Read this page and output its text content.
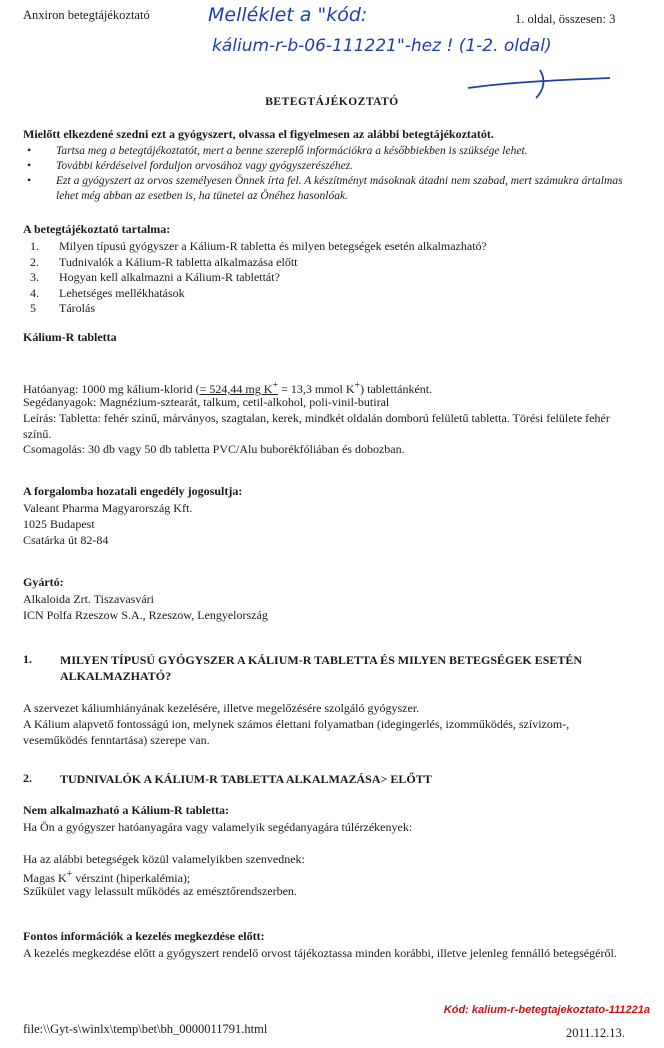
Anxiron betegtájékoztató	1. oldal, összesen: 3
Melléklet a "kód:
kálium-r-b-06-111221"-hez ! (1-2. oldal)
BETEGTÁJÉKOZTATÓ
Mielőtt elkezdené szedni ezt a gyógyszert, olvassa el figyelmesen az alábbi betegtájékoztatót.
• Tartsa meg a betegtájékoztatót, mert a benne szereplő információkra a későbbiekben is szüksége lehet.
• További kérdéseivel forduljon orvosához vagy gyógyszerészéhez.
• Ezt a gyógyszert az orvos személyesen Önnek írta fel. A készítményt másoknak átadni nem szabad, mert számukra ártalmas lehet még abban az esetben is, ha tünetei az Önéhez hasonlóak.
A betegtájékoztató tartalma:
1. Milyen típusú gyógyszer a Kálium-R tabletta és milyen betegségek esetén alkalmazható?
2. Tudnivalók a Kálium-R tabletta alkalmazása előtt
3. Hogyan kell alkalmazni a Kálium-R tablettát?
4. Lehetséges mellékhatások
5 Tárolás
Kálium-R tabletta
Hatóanyag: 1000 mg kálium-klorid (= 524,44 mg K+ = 13,3 mmol K+) tablettánként.
Segédanyagok: Magnézium-sztearát, talkum, cetil-alkohol, poli-vinil-butiral
Leírás: Tabletta: fehér színű, márványos, szagtalan, kerek, mindkét oldalán domború felületű tabletta. Törési felülete fehér színű.
Csomagolás: 30 db vagy 50 db tabletta PVC/Alu buborékfóliában és dobozban.
A forgalomba hozatali engedély jogosultja:
Valeant Pharma Magyarország Kft.
1025 Budapest
Csatárka út 82-84
Gyártó:
Alkaloida Zrt. Tiszavasvári
ICN Polfa Rzeszow S.A., Rzeszow, Lengyelország
1. MILYEN TÍPUSÚ GYÓGYSZER A KÁLIUM-R TABLETTA ÉS MILYEN BETEGSÉGEK ESETÉN ALKALMAZHATÓ?
A szervezet káliumhiányának kezelésére, illetve megelőzésére szolgáló gyógyszer.
A Kálium alapvető fontosságú ion, melynek számos élettani folyamatban (idegingerlés, izomműködés, szívizom-, veseműködés fenntartása) szerepe van.
2. TUDNIVALÓK A KÁLIUM-R TABLETTA ALKALMAZÁSA> ELŐTT
Nem alkalmazható a Kálium-R tabletta:
Ha Ön a gyógyszer hatóanyagára vagy valamelyik segédanyagára túlérzékenyek:
Ha az alábbi betegségek közül valamelyikben szenvednek:
Magas K+ vérszint (hiperkalémia);
Szűkület vagy lelassult működés az emésztőrendszerben.
Fontos információk a kezelés megkezdése előtt:
A kezelés megkezdése előtt a gyógyszert rendelő orvost tájékoztassa minden korábbi, illetve jelenleg fennálló betegségéről.
Kód: kalium-r-betegtajekoztato-111221a
file:\\Gyt-s\winlx\temp\bet\bh_0000011791.html	2011.12.13.
